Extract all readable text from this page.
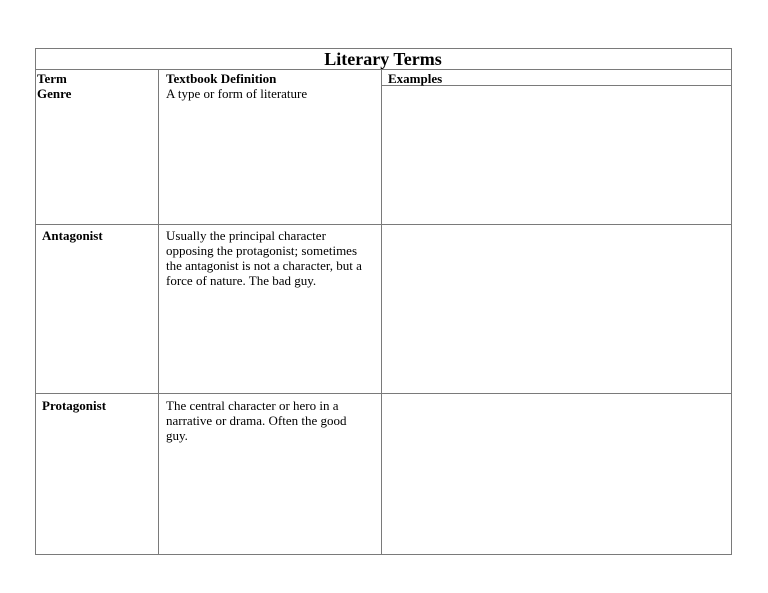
Literary Terms
Term	Textbook Definition	Examples
Genre	A type or form of literature
Antagonist	Usually the principal character opposing the protagonist; sometimes the antagonist is not a character, but a force of nature. The bad guy.
Protagonist	The central character or hero in a narrative or drama. Often the good guy.
